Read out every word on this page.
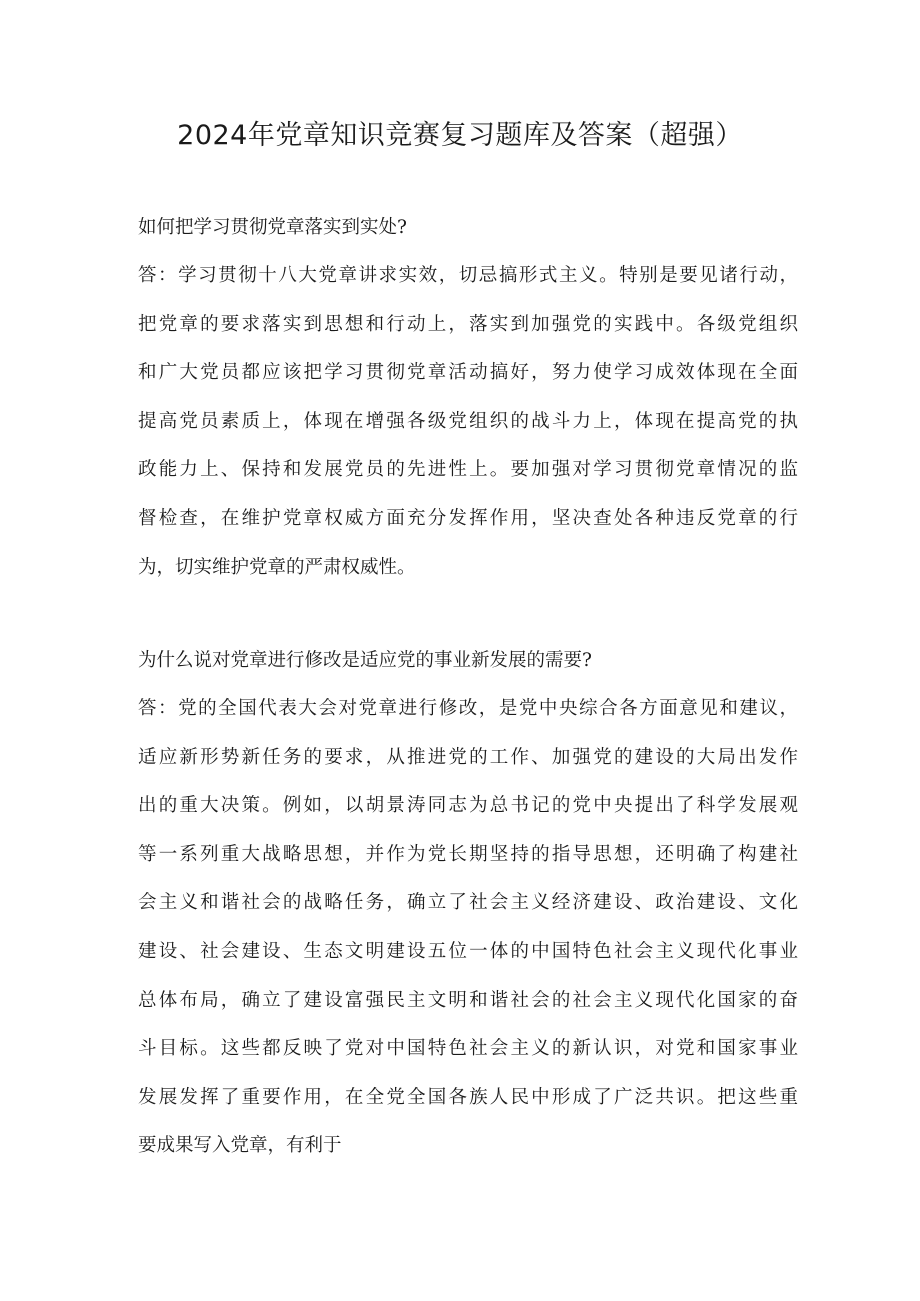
2024年党章知识竞赛复习题库及答案（超强）

如何把学习贯彻党章落实到实处?

答：学习贯彻十八大党章讲求实效，切忌搞形式主义。特别是要见诸行动，
把党章的要求落实到思想和行动上，落实到加强党的实践中。各级党组织
和广大党员都应该把学习贯彻党章活动搞好，努力使学习成效体现在全面
提高党员素质上，体现在增强各级党组织的战斗力上，体现在提高党的执
政能力上、保持和发展党员的先进性上。要加强对学习贯彻党章情况的监
督检查，在维护党章权威方面充分发挥作用，坚决查处各种违反党章的行
为，切实维护党章的严肃权威性。

为什么说对党章进行修改是适应党的事业新发展的需要?

答：党的全国代表大会对党章进行修改，是党中央综合各方面意见和建议，
适应新形势新任务的要求，从推进党的工作、加强党的建设的大局出发作
出的重大决策。例如，以胡景涛同志为总书记的党中央提出了科学发展观
等一系列重大战略思想，并作为党长期坚持的指导思想，还明确了构建社
会主义和谐社会的战略任务，确立了社会主义经济建设、政治建设、文化
建设、社会建设、生态文明建设五位一体的中国特色社会主义现代化事业
总体布局，确立了建设富强民主文明和谐社会的社会主义现代化国家的奋
斗目标。这些都反映了党对中国特色社会主义的新认识，对党和国家事业
发展发挥了重要作用，在全党全国各族人民中形成了广泛共识。把这些重
要成果写入党章，有利于
